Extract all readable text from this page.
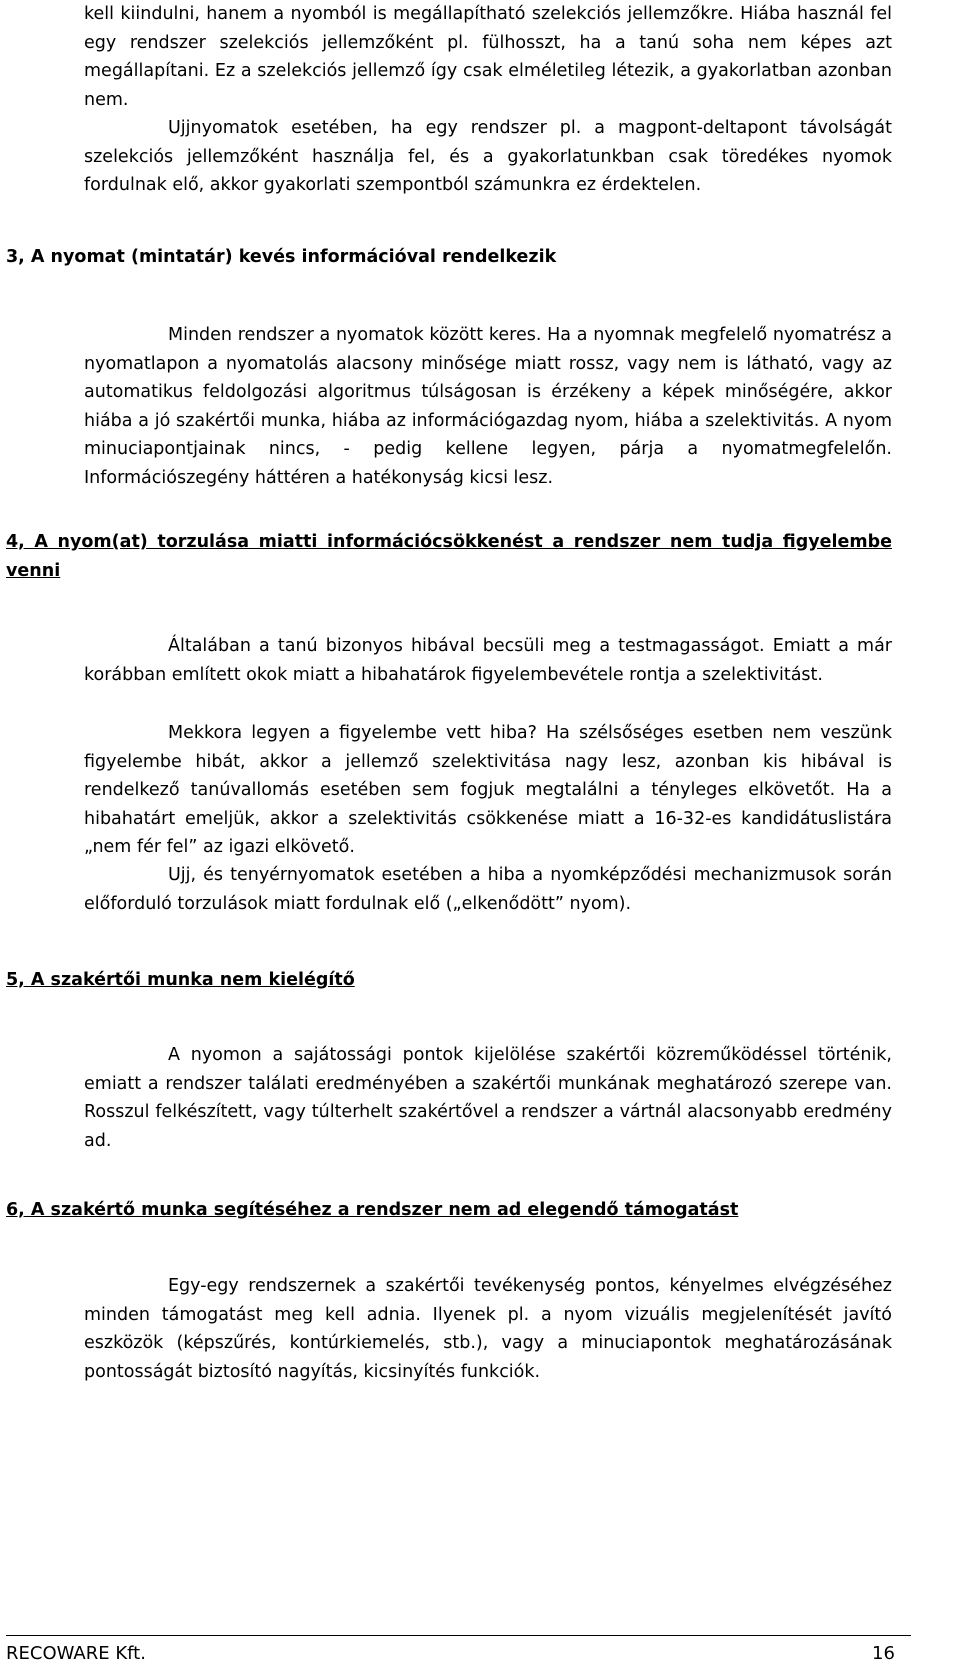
kell kiindulni, hanem a nyomból is megállapítható szelekciós jellemzőkre. Hiába használ fel egy rendszer szelekciós jellemzőként pl. fülhosszt, ha a tanú soha nem képes azt megállapítani. Ez a szelekciós jellemző így csak elméletileg létezik, a gyakorlatban azonban nem.

Ujjnyomatok esetében, ha egy rendszer pl. a magpont-deltapont távolságát szelekciós jellemzőként használja fel, és a gyakorlatunkban csak töredékes nyomok fordulnak elő, akkor gyakorlati szempontból számunkra ez érdektelen.

3, A nyomat (mintatár) kevés információval rendelkezik

Minden rendszer a nyomatok között keres. Ha a nyomnak megfelelő nyomatrész a nyomatlapon a nyomatolás alacsony minősége miatt rossz, vagy nem is látható, vagy az automatikus feldolgozási algoritmus túlságosan is érzékeny a képek minőségére, akkor hiába a jó szakértői munka, hiába az információgazdag nyom, hiába a szelektivitás. A nyom minuciapontjainak nincs, - pedig kellene legyen, párja a nyomatmegfelelőn. Információszegény háttéren a hatékonyság kicsi lesz.

4, A nyom(at) torzulása miatti információcsökkenést a rendszer nem tudja figyelembe venni

Általában a tanú bizonyos hibával becsüli meg a testmagasságot. Emiatt a már korábban említett okok miatt a hibahatárok figyelembevétele rontja a szelektivitást.

Mekkora legyen a figyelembe vett hiba? Ha szélsőséges esetben nem veszünk figyelembe hibát, akkor a jellemző szelektivitása nagy lesz, azonban kis hibával is rendelkező tanúvallomás esetében sem fogjuk megtalálni a tényleges elkövetőt. Ha a hibahatárt emeljük, akkor a szelektivitás csökkenése miatt a 16-32-es kandidátuslistára „nem fér fel” az igazi elkövető.

Ujj, és tenyérnyomatok esetében a hiba a nyomképződési mechanizmusok során előforduló torzulások miatt fordulnak elő („elkenődött” nyom).

5, A szakértői munka nem kielégítő

A nyomon a sajátossági pontok kijelölése szakértői közreműködéssel történik, emiatt a rendszer találati eredményében a szakértői munkának meghatározó szerepe van. Rosszul felkészített, vagy túlterhelt szakértővel a rendszer a vártnál alacsonyabb eredmény ad.

6, A szakértő munka segítéséhez a rendszer nem ad elegendő támogatást

Egy-egy rendszernek a szakértői tevékenység pontos, kényelmes elvégzéséhez minden támogatást meg kell adnia. Ilyenek pl. a nyom vizuális megjelenítését javító eszközök (képszűrés, kontúrkiemelés, stb.), vagy a minuciapontok meghatározásának pontosságát biztosító nagyítás, kicsinyítés funkciók.

RECOWARE Kft.	16
